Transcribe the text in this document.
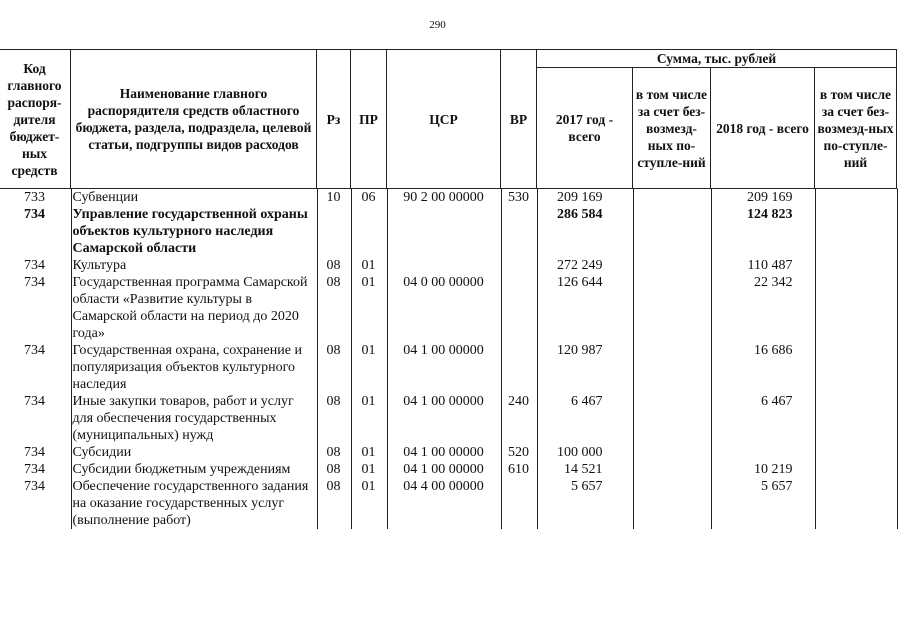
290
Код главного распоря-дителя бюджет-ных средств	Наименование главного распорядителя средств областного бюджета, раздела, подраздела, целевой статьи, подгруппы видов расходов	Рз	ПР	ЦСР	ВР	Сумма, тыс. рублей			
						2017 год - всего	в том числе за счет без-возмезд-ных по-ступле-ний	2018 год - всего	в том числе за счет без-возмезд-ных по-ступле-ний
733	Субвенции	10	06	90 2 00 00000	530	209 169		209 169	
734	Управление государственной охраны объектов культурного наследия Самарской области					286 584		124 823	
734	Культура	08	01			272 249		110 487	
734	Государственная программа Самарской области «Развитие культуры в Самарской области на период до 2020 года»	08	01	04 0 00 00000		126 644		22 342	
734	Государственная охрана, сохранение и популяризация объектов культурного наследия	08	01	04 1 00 00000		120 987		16 686	
734	Иные закупки товаров, работ и услуг для обеспечения государственных (муниципальных) нужд	08	01	04 1 00 00000	240	6 467		6 467	
734	Субсидии	08	01	04 1 00 00000	520	100 000			
734	Субсидии бюджетным учреждениям	08	01	04 1 00 00000	610	14 521		10 219	
734	Обеспечение государственного задания на оказание государственных услуг (выполнение работ)	08	01	04 4 00 00000		5 657		5 657	
